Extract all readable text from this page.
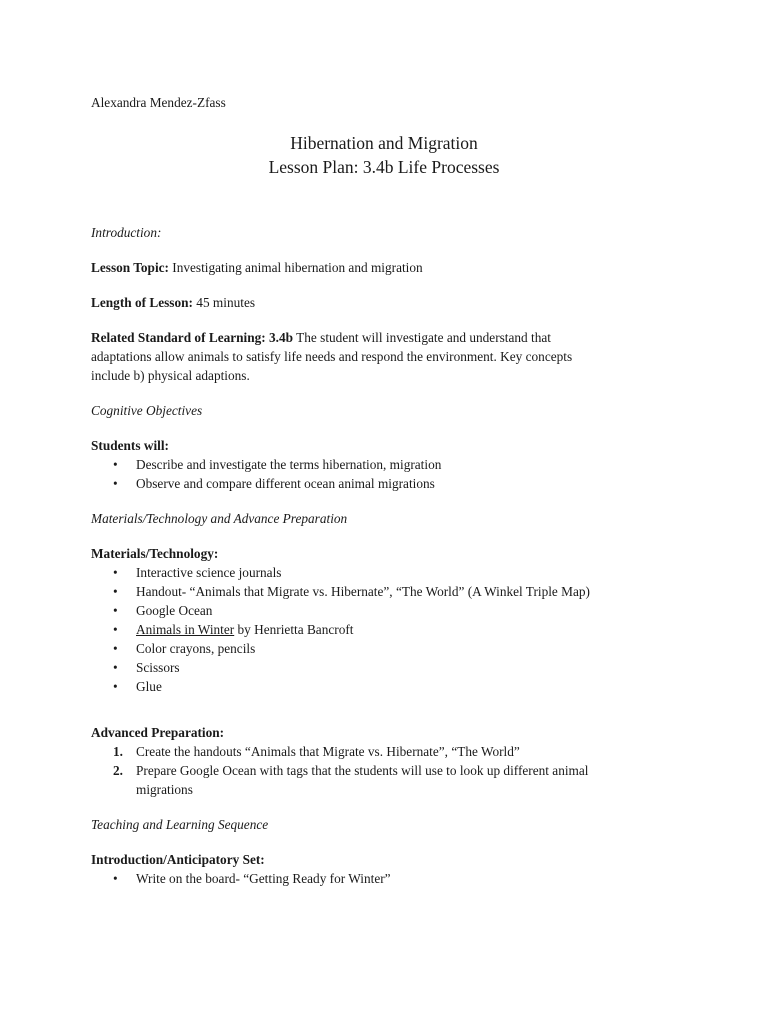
Alexandra Mendez-Zfass
Hibernation and Migration
Lesson Plan: 3.4b Life Processes

Introduction:

Lesson Topic: Investigating animal hibernation and migration

Length of Lesson: 45 minutes

Related Standard of Learning: 3.4b The student will investigate and understand that

adaptations allow animals to satisfy life needs and respond the environment. Key concepts

include b) physical adaptions.

Cognitive Objectives

Students will:

• Describe and investigate the terms hibernation, migration
• Observe and compare different ocean animal migrations

Materials/Technology and Advance Preparation

Materials/Technology:

• Interactive science journals
• Handout- “Animals that Migrate vs. Hibernate”, “The World” (A Winkel Triple Map)
• Google Ocean
• Animals in Winter by Henrietta Bancroft
• Color crayons, pencils
• Scissors
• Glue

Advanced Preparation:

1. Create the handouts “Animals that Migrate vs. Hibernate”, “The World”
2. Prepare Google Ocean with tags that the students will use to look up different animal
migrations

Teaching and Learning Sequence

Introduction/Anticipatory Set:

• Write on the board- “Getting Ready for Winter”
